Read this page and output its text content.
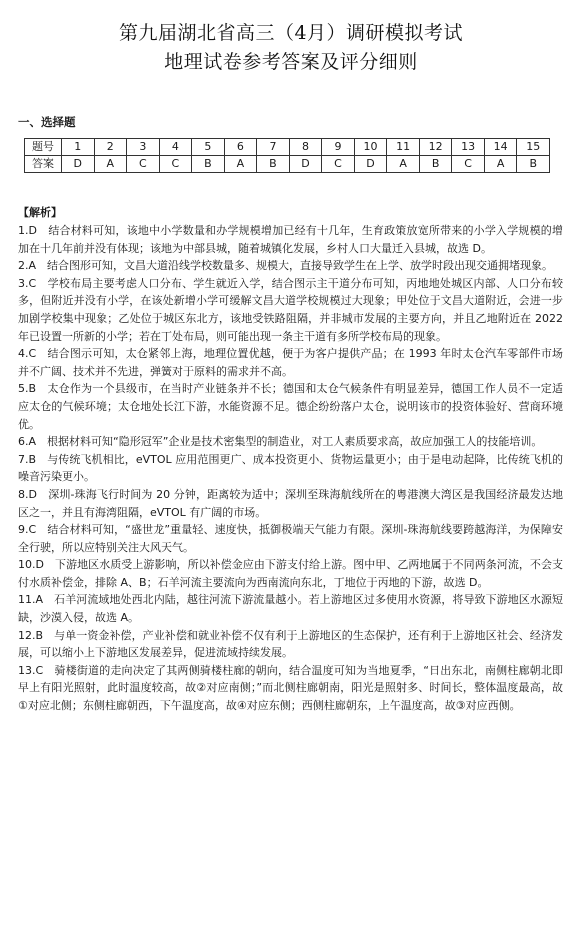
第九届湖北省高三（4月）调研模拟考试
地理试卷参考答案及评分细则
一、选择题
题号	1	2	3	4	5	6	7	8	9	10	11	12	13	14	15
答案	D	A	C	C	B	A	B	D	C	D	A	B	C	A	B
【解析】

1.D　结合材料可知，该地中小学数量和办学规模增加已经有十几年，生育政策放宽所带来的小学入学规模的增加在十几年前并没有体现；该地为中部县城，随着城镇化发展，乡村人口大量迁入县城，故选 D。

2.A　结合图形可知，文昌大道沿线学校数量多、规模大，直接导致学生在上学、放学时段出现交通拥堵现象。

3.C　学校布局主要考虑人口分布、学生就近入学，结合图示主干道分布可知，丙地地处城区内部、人口分布较多，但附近并没有小学，在该处新增小学可缓解文昌大道学校规模过大现象；甲处位于文昌大道附近，会进一步加剧学校集中现象；乙处位于城区东北方，该地受铁路阻隔，并非城市发展的主要方向，并且乙地附近在 2022 年已设置一所新的小学；若在丁处布局，则可能出现一条主干道有多所学校布局的现象。

4.C　结合图示可知，太仓紧邻上海，地理位置优越，便于为客户提供产品；在 1993 年时太仓汽车零部件市场并不广阔、技术并不先进，弹簧对于原料的需求并不高。

5.B　太仓作为一个县级市，在当时产业链条并不长；德国和太仓气候条件有明显差异，德国工作人员不一定适应太仓的气候环境；太仓地处长江下游，水能资源不足。德企纷纷落户太仓，说明该市的投资体验好、营商环境优。

6.A　根据材料可知“隐形冠军”企业是技术密集型的制造业，对工人素质要求高，故应加强工人的技能培训。

7.B　与传统飞机相比，eVTOL 应用范围更广、成本投资更小、货物运量更小；由于是电动起降，比传统飞机的噪音污染更小。

8.D　深圳-珠海飞行时间为 20 分钟，距离较为适中；深圳至珠海航线所在的粤港澳大湾区是我国经济最发达地区之一，并且有海湾阻隔，eVTOL 有广阔的市场。

9.C　结合材料可知，“盛世龙”重量轻、速度快，抵御极端天气能力有限。深圳-珠海航线要跨越海洋，为保障安全行驶，所以应特别关注大风天气。

10.D　下游地区水质受上游影响，所以补偿金应由下游支付给上游。图中甲、乙两地属于不同两条河流，不会支付水质补偿金，排除 A、B；石羊河流主要流向为西南流向东北，丁地位于丙地的下游，故选 D。

11.A　石羊河流域地处西北内陆，越往河流下游流量越小。若上游地区过多使用水资源，将导致下游地区水源短缺，沙漠入侵，故选 A。

12.B　与单一资金补偿，产业补偿和就业补偿不仅有利于上游地区的生态保护，还有利于上游地区社会、经济发展，可以缩小上下游地区发展差异，促进流域持续发展。

13.C　骑楼街道的走向决定了其两侧骑楼柱廊的朝向，结合温度可知为当地夏季，“日出东北，南侧柱廊朝北即早上有阳光照射，此时温度较高，故②对应南侧；”而北侧柱廊朝南，阳光是照射多、时间长，整体温度最高，故①对应北侧；东侧柱廊朝西，下午温度高，故④对应东侧；西侧柱廊朝东，上午温度高，故③对应西侧。
